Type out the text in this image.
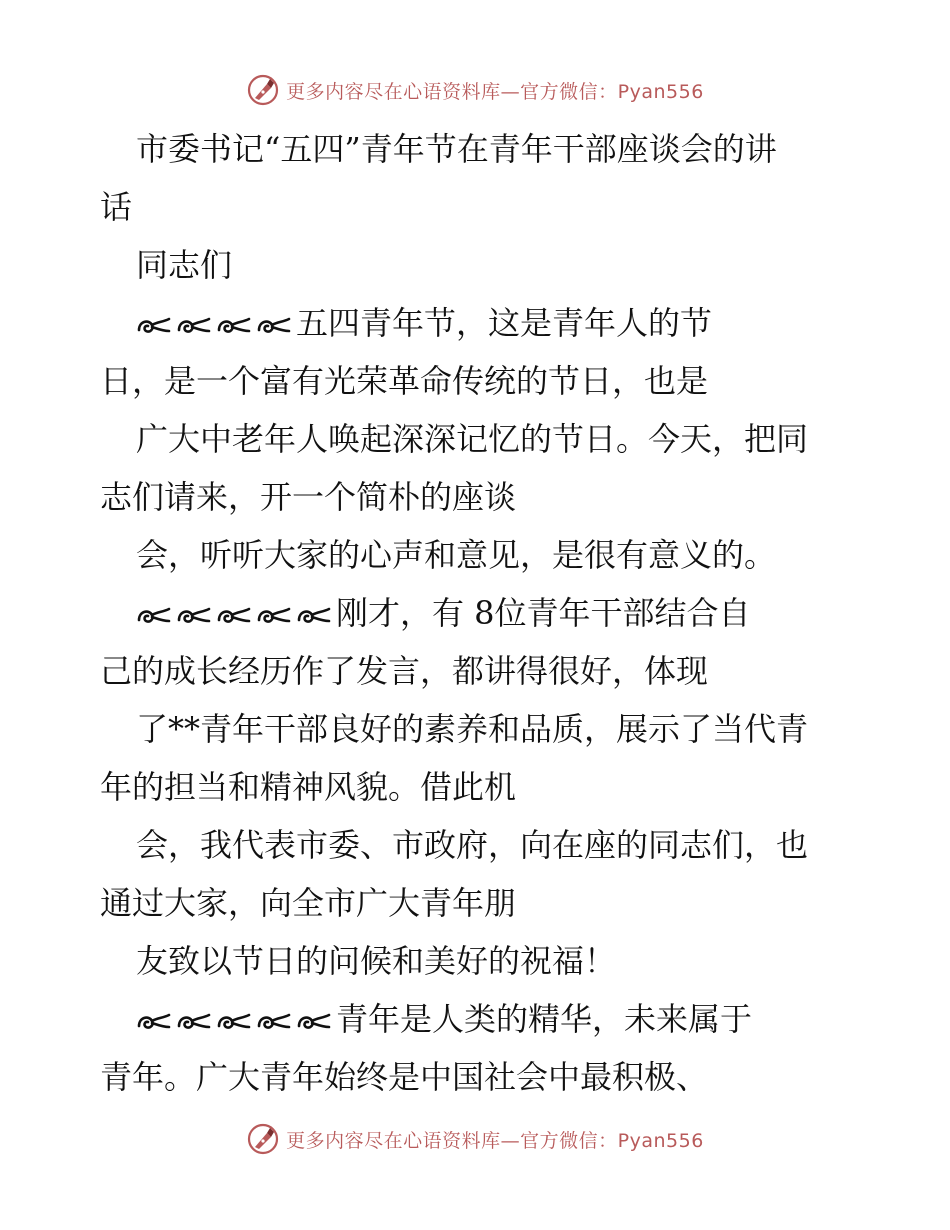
更多内容尽在心语资料库—官方微信：Pyan556
市委书记“五四”青年节在青年干部座谈会的讲
话
同志们
五四青年节，这是青年人的节
日，是一个富有光荣革命传统的节日，也是
广大中老年人唤起深深记忆的节日。今天，把同
志们请来，开一个简朴的座谈
会，听听大家的心声和意见，是很有意义的。
刚才，有 8位青年干部结合自
己的成长经历作了发言，都讲得很好，体现
了**青年干部良好的素养和品质，展示了当代青
年的担当和精神风貌。借此机
会，我代表市委、市政府，向在座的同志们，也
通过大家，向全市广大青年朋
友致以节日的问候和美好的祝福！
青年是人类的精华，未来属于
青年。广大青年始终是中国社会中最积极、
更多内容尽在心语资料库—官方微信：Pyan556
